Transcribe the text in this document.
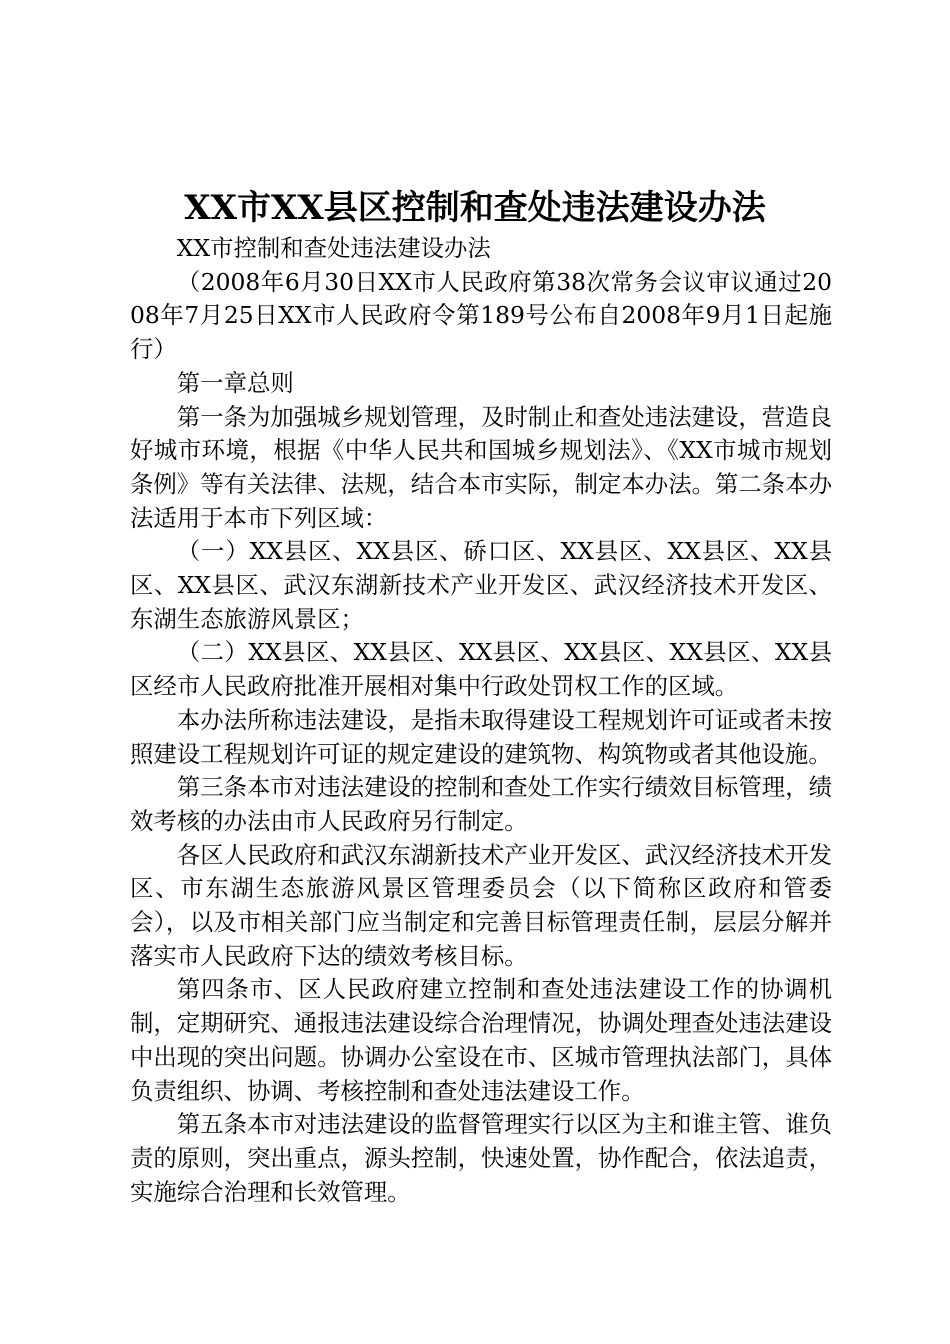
XX市XX县区控制和查处违法建设办法

XX市控制和查处违法建设办法

（2008年6月30日XX市人民政府第38次常务会议审议通过2008年7月25日XX市人民政府令第189号公布自2008年9月1日起施行）

第一章总则

第一条为加强城乡规划管理，及时制止和查处违法建设，营造良好城市环境，根据《中华人民共和国城乡规划法》、《XX市城市规划条例》等有关法律、法规，结合本市实际，制定本办法。第二条本办法适用于本市下列区域：

（一）XX县区、XX县区、硚口区、XX县区、XX县区、XX县区、XX县区、武汉东湖新技术产业开发区、武汉经济技术开发区、东湖生态旅游风景区；

（二）XX县区、XX县区、XX县区、XX县区、XX县区、XX县区经市人民政府批准开展相对集中行政处罚权工作的区域。

本办法所称违法建设，是指未取得建设工程规划许可证或者未按照建设工程规划许可证的规定建设的建筑物、构筑物或者其他设施。

第三条本市对违法建设的控制和查处工作实行绩效目标管理，绩效考核的办法由市人民政府另行制定。

各区人民政府和武汉东湖新技术产业开发区、武汉经济技术开发区、市东湖生态旅游风景区管理委员会（以下简称区政府和管委会），以及市相关部门应当制定和完善目标管理责任制，层层分解并落实市人民政府下达的绩效考核目标。

第四条市、区人民政府建立控制和查处违法建设工作的协调机制，定期研究、通报违法建设综合治理情况，协调处理查处违法建设中出现的突出问题。协调办公室设在市、区城市管理执法部门，具体负责组织、协调、考核控制和查处违法建设工作。

第五条本市对违法建设的监督管理实行以区为主和谁主管、谁负责的原则，突出重点，源头控制，快速处置，协作配合，依法追责，实施综合治理和长效管理。
